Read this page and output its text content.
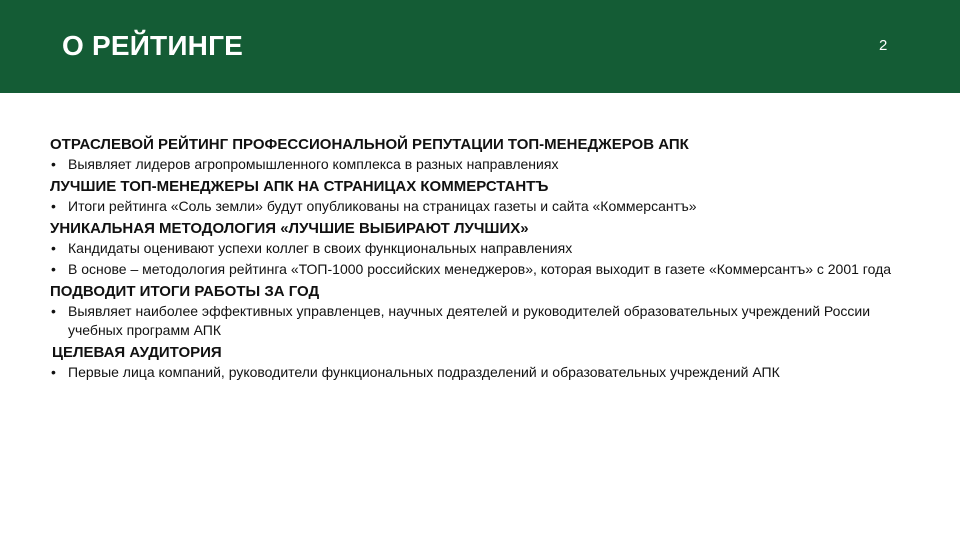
О РЕЙТИНГЕ	2
ОТРАСЛЕВОЙ РЕЙТИНГ ПРОФЕССИОНАЛЬНОЙ РЕПУТАЦИИ ТОП-МЕНЕДЖЕРОВ АПК
• Выявляет лидеров агропромышленного комплекса в разных направлениях
ЛУЧШИЕ ТОП-МЕНЕДЖЕРЫ АПК НА СТРАНИЦАХ КОММЕРСТАНТЪ
• Итоги рейтинга «Соль земли» будут опубликованы на страницах газеты и сайта «Коммерсантъ»
УНИКАЛЬНАЯ МЕТОДОЛОГИЯ «ЛУЧШИЕ ВЫБИРАЮТ ЛУЧШИХ»
• Кандидаты оценивают успехи коллег в своих функциональных направлениях
• В основе – методология рейтинга «ТОП-1000 российских менеджеров», которая выходит в газете «Коммерсантъ» с 2001 года
ПОДВОДИТ ИТОГИ РАБОТЫ ЗА ГОД
• Выявляет наиболее эффективных управленцев, научных деятелей и руководителей образовательных учреждений России учебных программ АПК
ЦЕЛЕВАЯ АУДИТОРИЯ
• Первые лица компаний, руководители функциональных подразделений и образовательных учреждений АПК
